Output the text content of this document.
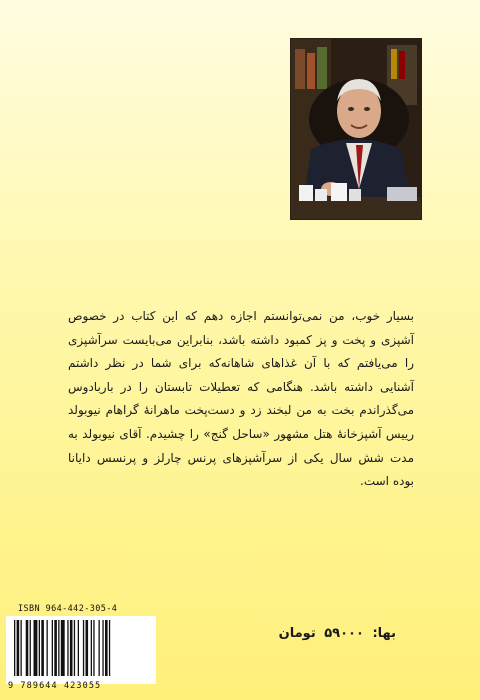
بسیار خوب، من نمی‌توانستم اجازه دهم که این کتاب در خصوص آشپزی و پخت و پز کمبود داشته باشد، بنابراین می‌بایست سرآشپزی را می‌یافتم که با آن غذاهای شاهانه‌که برای شما در نظر داشتم آشنایی داشته باشد. هنگامی که تعطیلات تابستان را در باربادوس می‌گذراندم بخت به من لبخند زد و دست‌پخت ماهرانهٔ گراهام نیوبولد رییس آشپزخانهٔ هتل مشهور «ساحل گنج» را چشیدم. آقای نیوبولد به مدت شش سال یکی از سرآشپزهای پرنس چارلز و پرنسس دایانا بوده است.

ISBN 964-442-305-4
9 789644 423055
بها: ۵۹۰۰۰ تومان
